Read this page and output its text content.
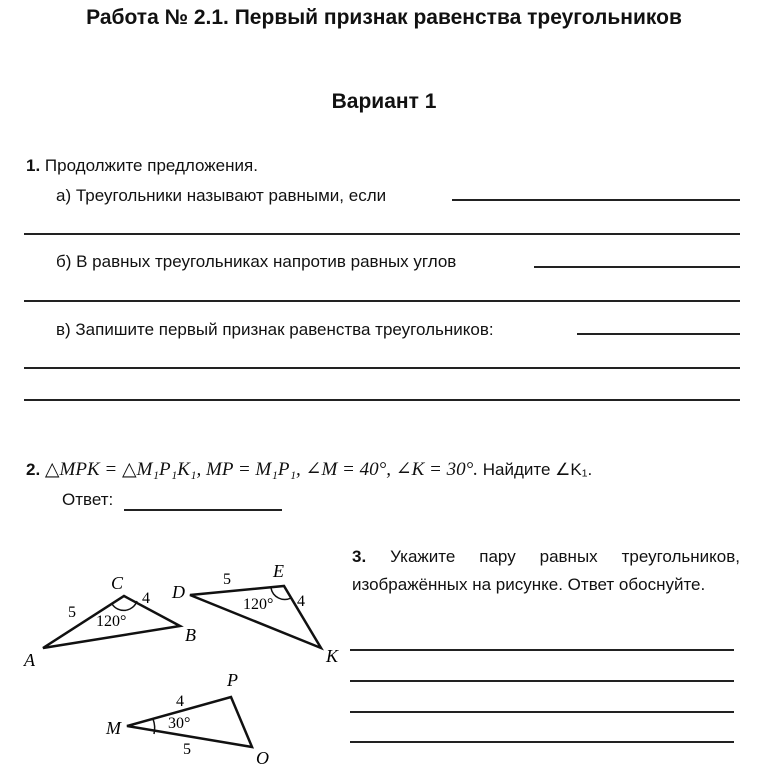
Работа № 2.1. Первый признак равенства треугольников
Вариант 1
1. Продолжите предложения.
а) Треугольники называют равными, если
б) В равных треугольниках напротив равных углов
в) Запишите первый признак равенства треугольников:
2. △MPK = △M₁P₁K₁, MP = M₁P₁, ∠M = 40°, ∠K = 30°. Найдите ∠K₁.
Ответ:
3. Укажите пару равных треугольников, изображённых на рисунке. Ответ обоснуйте.
A
B
C
5
4
120°
D
E
K
5
4
120°
M
P
O
4
5
30°
